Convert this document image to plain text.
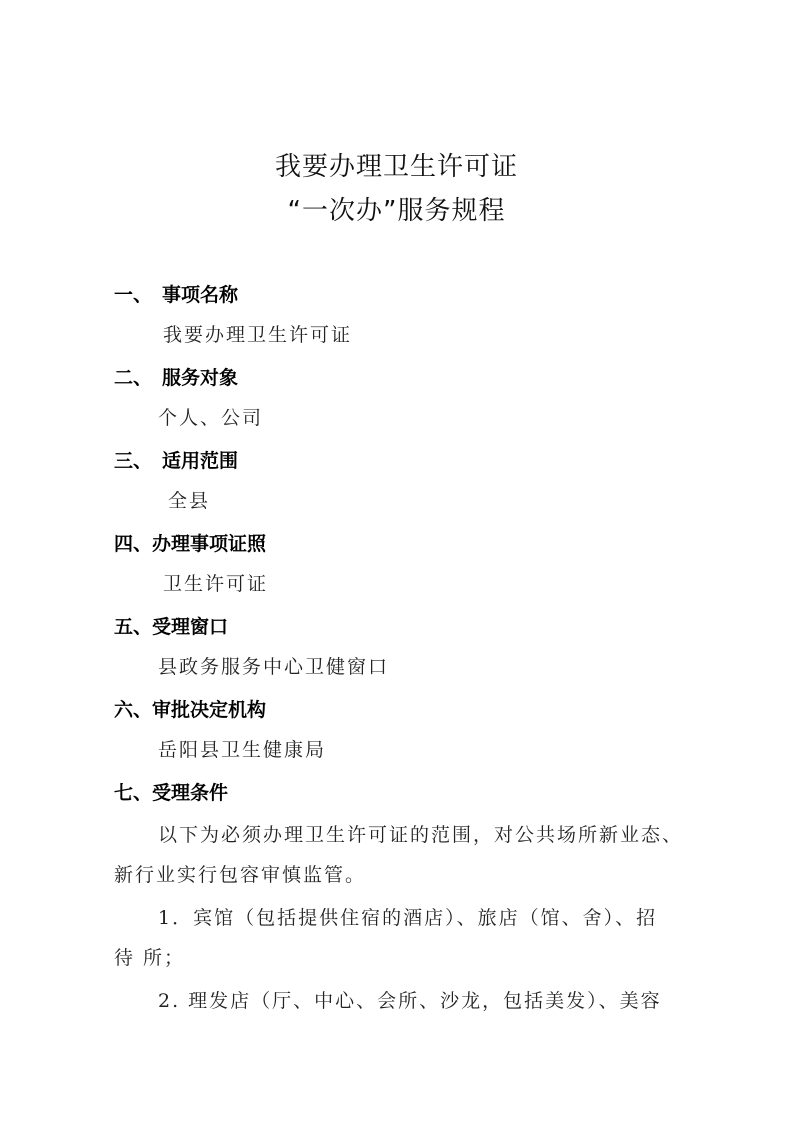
我要办理卫生许可证
“一次办”服务规程
一、 事项名称
我要办理卫生许可证
二、 服务对象
个人、公司
三、 适用范围
全县
四、办理事项证照
卫生许可证
五、受理窗口
县政务服务中心卫健窗口
六、审批决定机构
岳阳县卫生健康局
七、受理条件
以下为必须办理卫生许可证的范围，对公共场所新业态、
新行业实行包容审慎监管。
1．宾馆（包括提供住宿的酒店）、旅店（馆、舍）、招
待 所；
2. 理发店（厅、中心、会所、沙龙，包括美发）、美容
